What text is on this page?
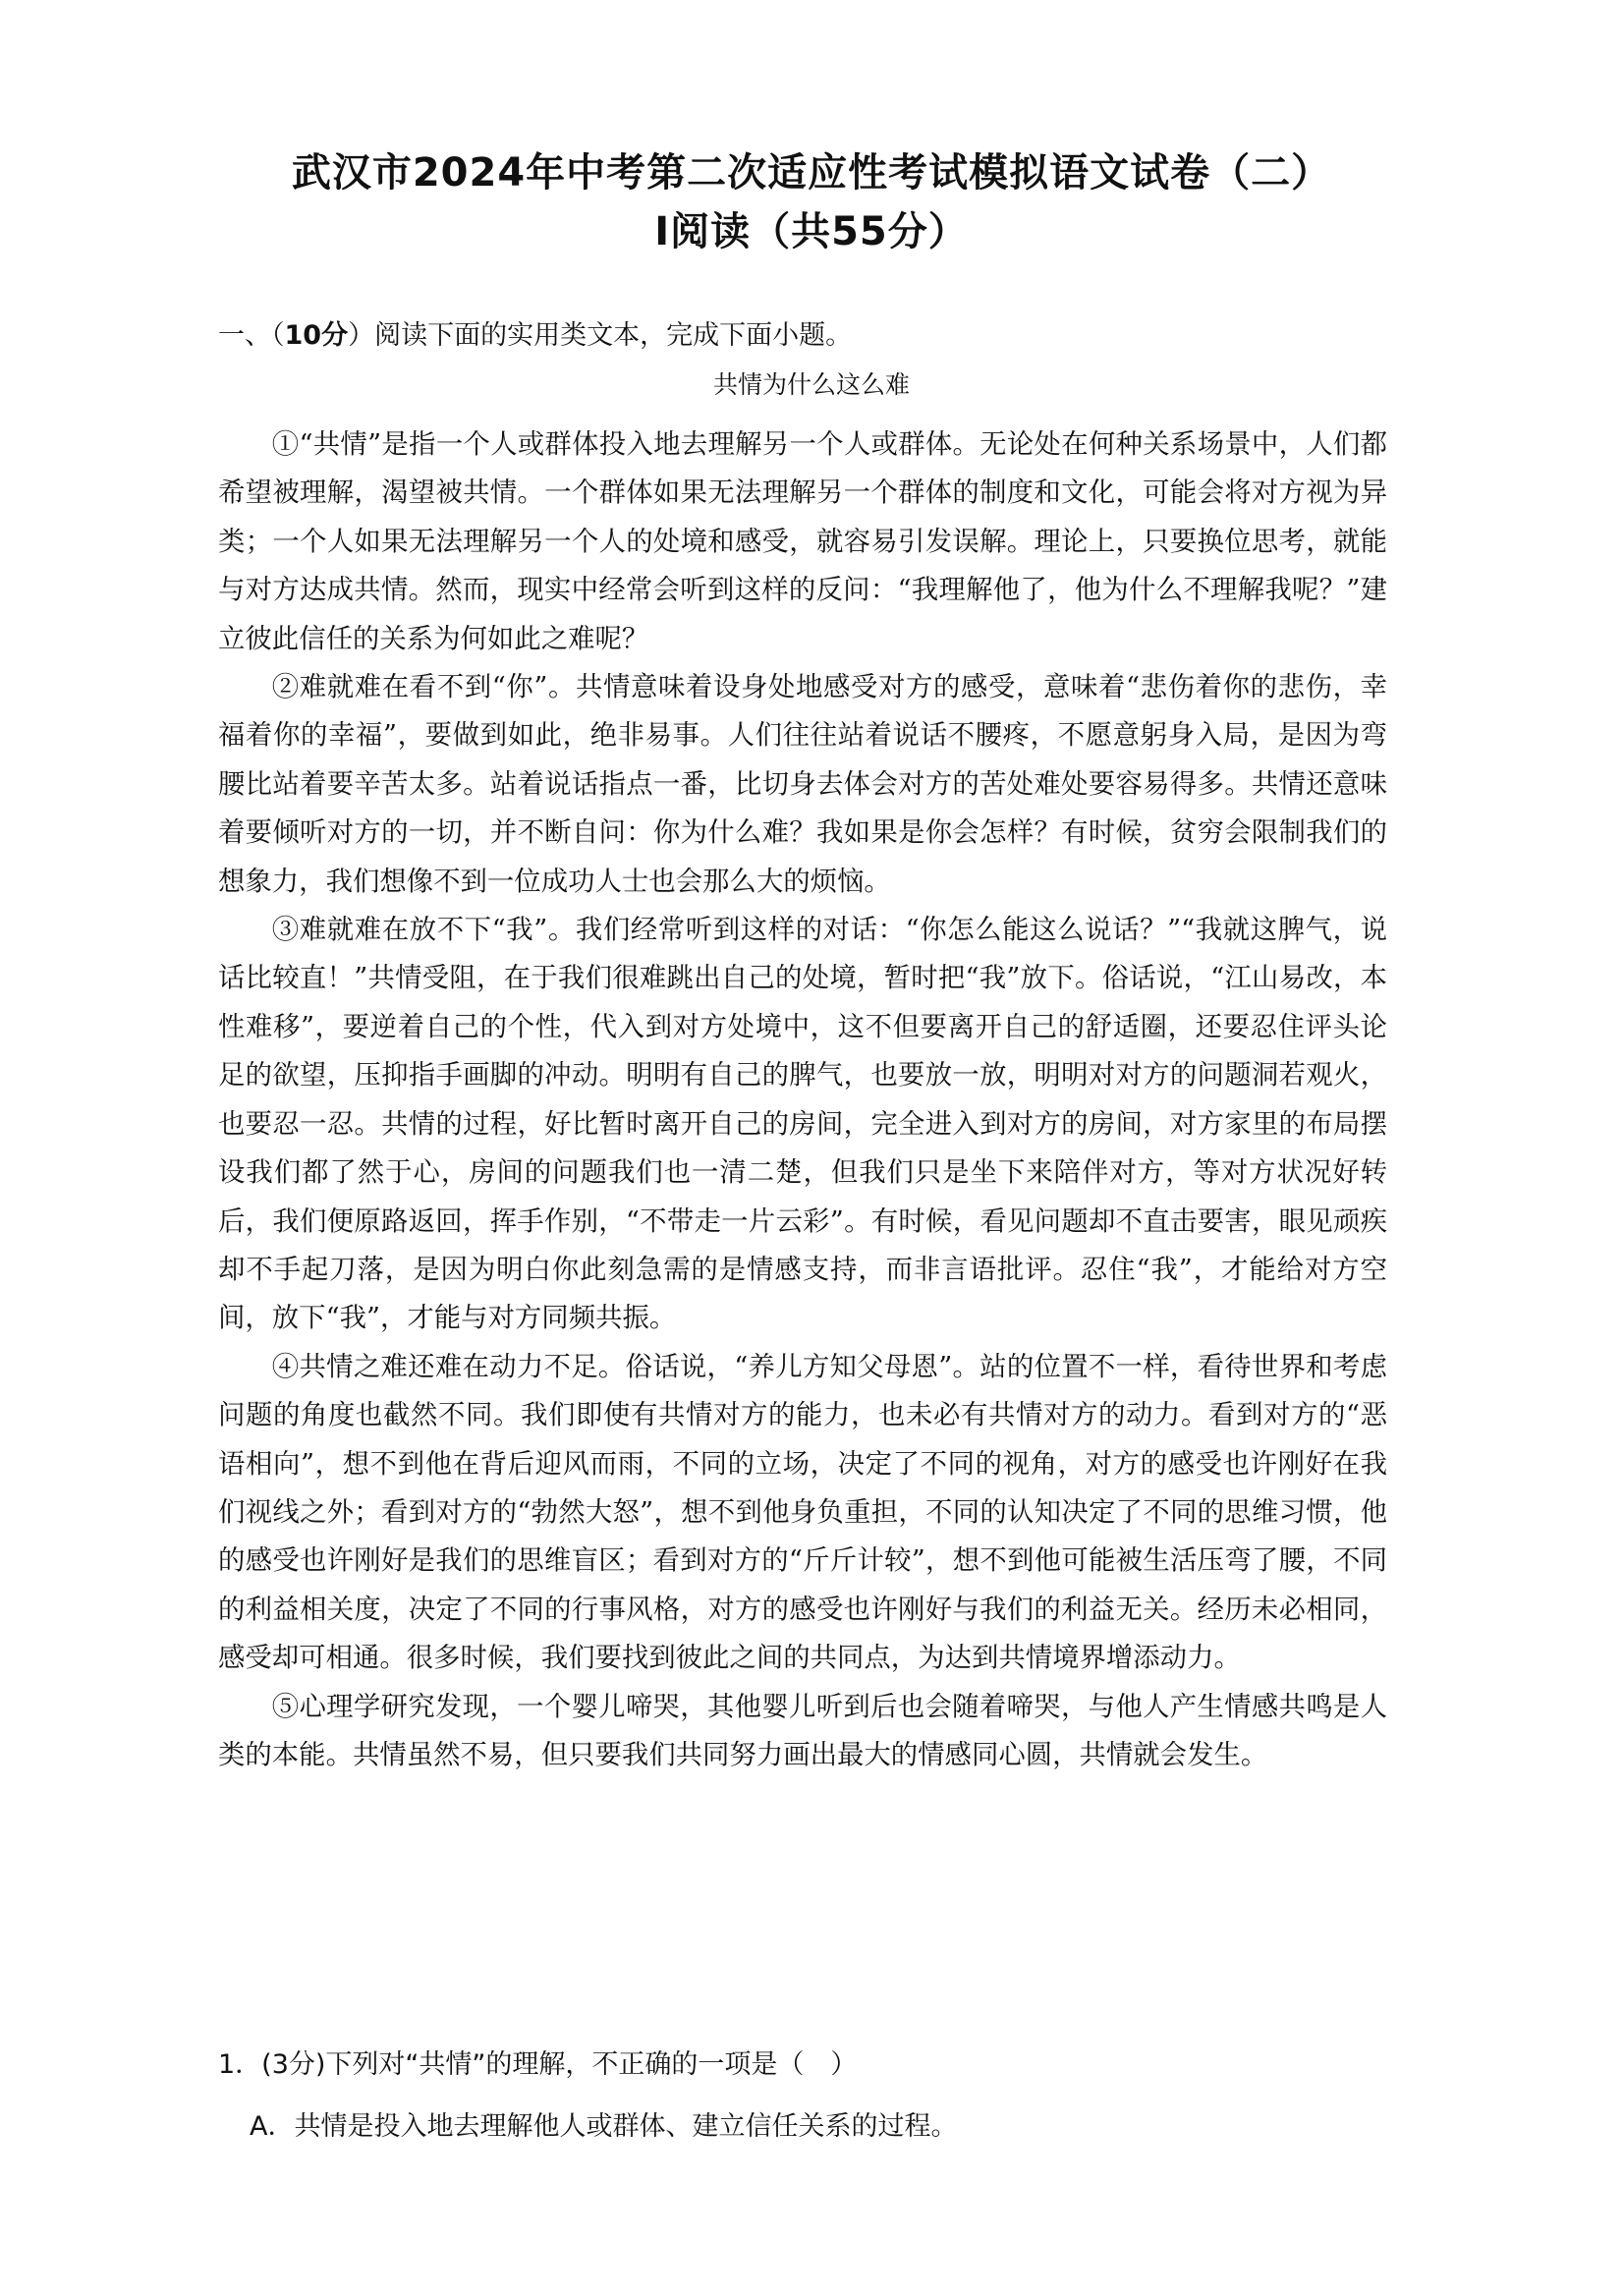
武汉市2024年中考第二次适应性考试模拟语文试卷（二）
Ⅰ阅读（共55分）
一、（10分）阅读下面的实用类文本，完成下面小题。
共情为什么这么难

①“共情”是指一个人或群体投入地去理解另一个人或群体。无论处在何种关系场景中，人们都希望被理解，渴望被共情。一个群体如果无法理解另一个群体的制度和文化，可能会将对方视为异类；一个人如果无法理解另一个人的处境和感受，就容易引发误解。理论上，只要换位思考，就能与对方达成共情。然而，现实中经常会听到这样的反问：“我理解他了，他为什么不理解我呢？”建立彼此信任的关系为何如此之难呢？

②难就难在看不到“你”。共情意味着设身处地感受对方的感受，意味着“悲伤着你的悲伤，幸福着你的幸福”，要做到如此，绝非易事。人们往往站着说话不腰疼，不愿意躬身入局，是因为弯腰比站着要辛苦太多。站着说话指点一番，比切身去体会对方的苦处难处要容易得多。共情还意味着要倾听对方的一切，并不断自问：你为什么难？我如果是你会怎样？有时候，贫穷会限制我们的想象力，我们想像不到一位成功人士也会那么大的烦恼。

③难就难在放不下“我”。我们经常听到这样的对话：“你怎么能这么说话？”“我就这脾气，说话比较直！”共情受阻，在于我们很难跳出自己的处境，暂时把“我”放下。俗话说，“江山易改，本性难移”，要逆着自己的个性，代入到对方处境中，这不但要离开自己的舒适圈，还要忍住评头论足的欲望，压抑指手画脚的冲动。明明有自己的脾气，也要放一放，明明对对方的问题洞若观火，也要忍一忍。共情的过程，好比暂时离开自己的房间，完全进入到对方的房间，对方家里的布局摆设我们都了然于心，房间的问题我们也一清二楚，但我们只是坐下来陪伴对方，等对方状况好转后，我们便原路返回，挥手作别，“不带走一片云彩”。有时候，看见问题却不直击要害，眼见顽疾却不手起刀落，是因为明白你此刻急需的是情感支持，而非言语批评。忍住“我”，才能给对方空间，放下“我”，才能与对方同频共振。

④共情之难还难在动力不足。俗话说，“养儿方知父母恩”。站的位置不一样，看待世界和考虑问题的角度也截然不同。我们即使有共情对方的能力，也未必有共情对方的动力。看到对方的“恶语相向”，想不到他在背后迎风而雨，不同的立场，决定了不同的视角，对方的感受也许刚好在我们视线之外；看到对方的“勃然大怒”，想不到他身负重担，不同的认知决定了不同的思维习惯，他的感受也许刚好是我们的思维盲区；看到对方的“斤斤计较”，想不到他可能被生活压弯了腰，不同的利益相关度，决定了不同的行事风格，对方的感受也许刚好与我们的利益无关。经历未必相同，感受却可相通。很多时候，我们要找到彼此之间的共同点，为达到共情境界增添动力。

⑤心理学研究发现，一个婴儿啼哭，其他婴儿听到后也会随着啼哭，与他人产生情感共鸣是人类的本能。共情虽然不易，但只要我们共同努力画出最大的情感同心圆，共情就会发生。

1．(3分)下列对“共情”的理解，不正确的一项是（　）
A．共情是投入地去理解他人或群体、建立信任关系的过程。
